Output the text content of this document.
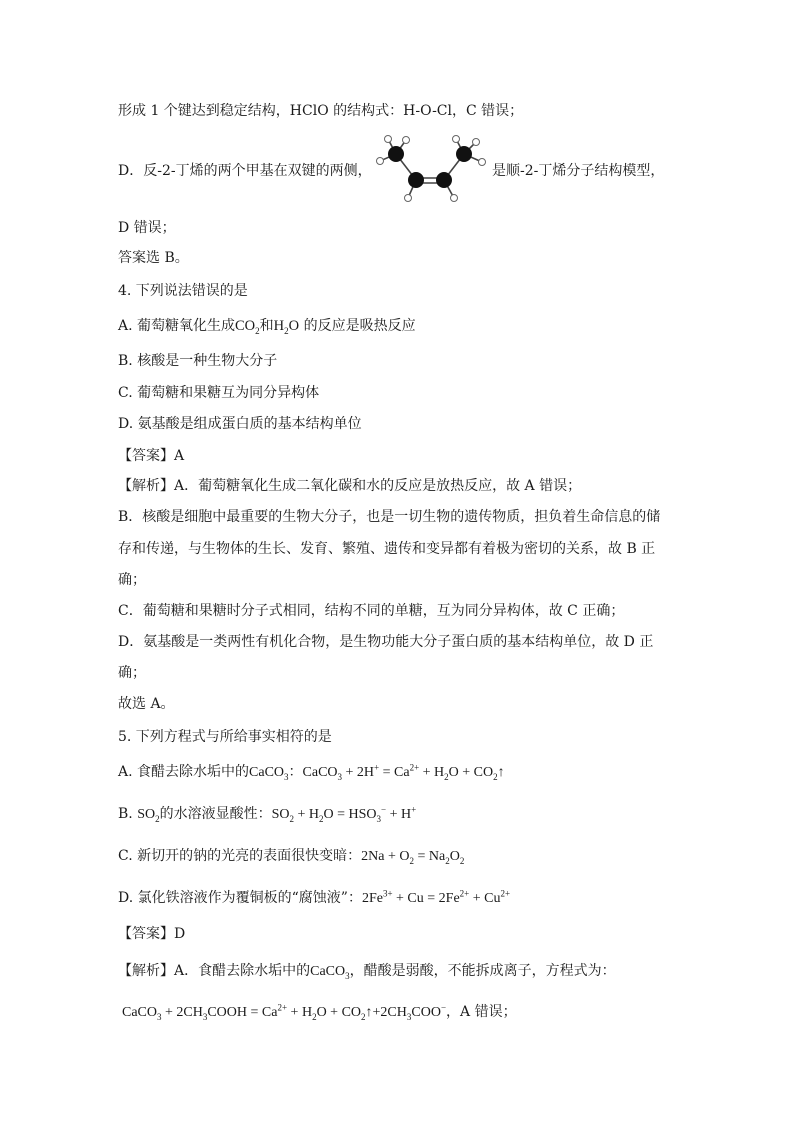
形成 1 个键达到稳定结构，HClO 的结构式：H-O-Cl，C 错误；
D．反-2-丁烯的两个甲基在双键的两侧，	是顺-2-丁烯分子结构模型，
D 错误；
答案选 B。
4. 下列说法错误的是
A. 葡萄糖氧化生成$CO_2$和$H_2O$ 的反应是吸热反应
B. 核酸是一种生物大分子
C. 葡萄糖和果糖互为同分异构体
D. 氨基酸是组成蛋白质的基本结构单位
【答案】A
【解析】A．葡萄糖氧化生成二氧化碳和水的反应是放热反应，故 A 错误；
B．核酸是细胞中最重要的生物大分子，也是一切生物的遗传物质，担负着生命信息的储
存和传递，与生物体的生长、发育、繁殖、遗传和变异都有着极为密切的关系，故 B 正
确；
C．葡萄糖和果糖时分子式相同，结构不同的单糖，互为同分异构体，故 C 正确；
D．氨基酸是一类两性有机化合物，是生物功能大分子蛋白质的基本结构单位，故 D 正
确；
故选 A。
5. 下列方程式与所给事实相符的是
A. 食醋去除水垢中的CaCO$_3$：CaCO$_3$ + $2H^+ = Ca^{2+} + H_2O$ + $CO_2↑$
B. $SO_2$的水溶液显酸性：$SO_2 + H_2O = HSO_3^- + H^+$
C. 新切开的钠的光亮的表面很快变暗：$2Na + O_2 = Na_2O_2$
D. 氯化铁溶液作为覆铜板的“腐蚀液”：$2Fe^{3+} + Cu = 2Fe^{2+} + Cu^{2+}$
【答案】D
【解析】A．食醋去除水垢中的CaCO$_3$，醋酸是弱酸，不能拆成离子，方程式为：
CaCO$_3$ + $2CH_3COOH = Ca^{2+} + H_2O$ + $CO_2↑+2CH_3COO^-$，A 错误；
